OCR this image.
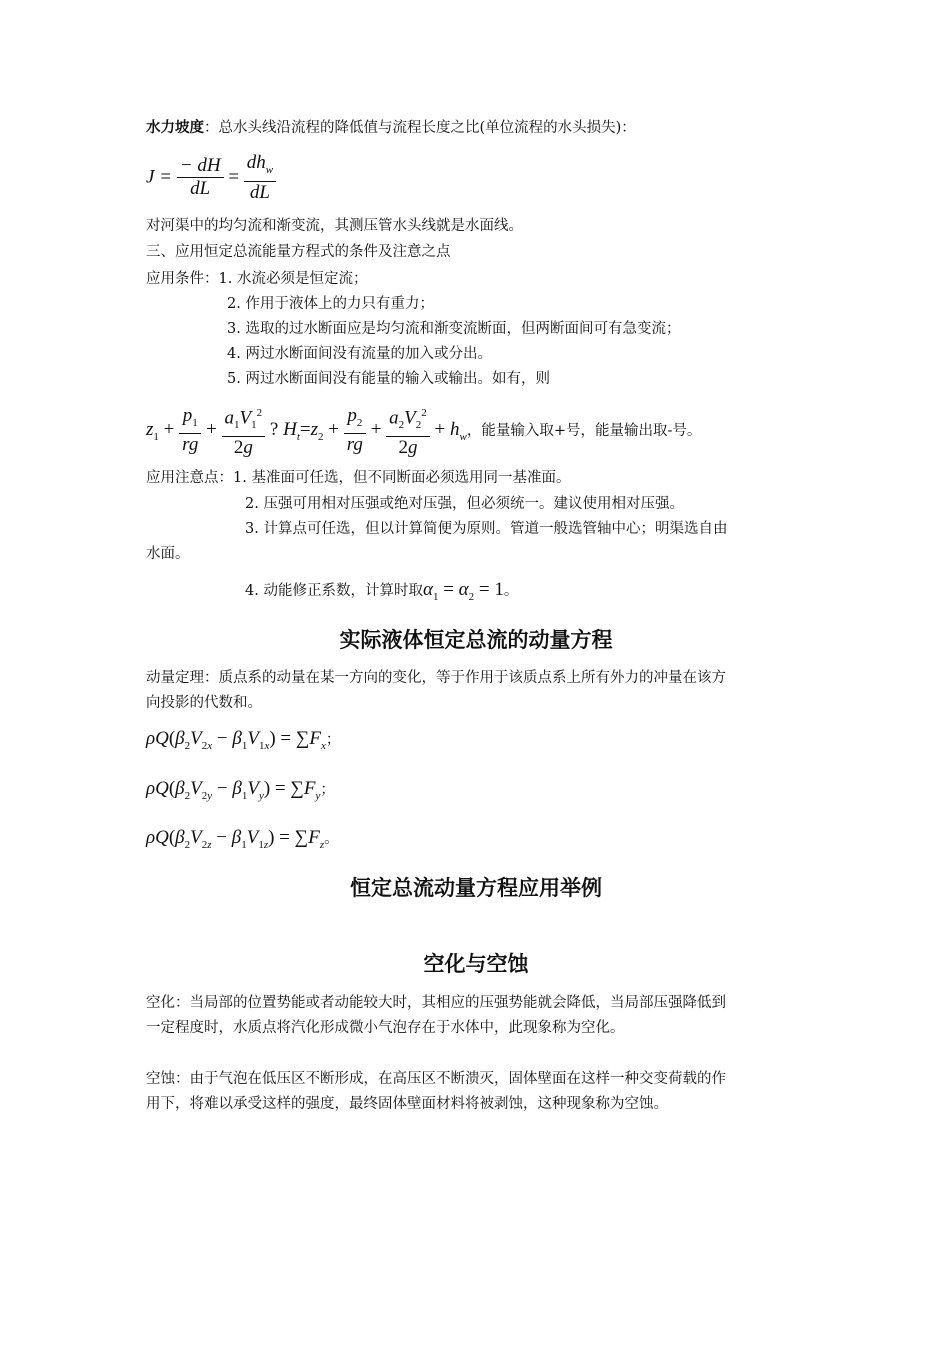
水力坡度：总水头线沿流程的降低值与流程长度之比(单位流程的水头损失)：
$J = \frac{- dH}{dL} = \frac{dh_w}{dL}$
对河渠中的均匀流和渐变流，其测压管水头线就是水面线。
三、应用恒定总流能量方程式的条件及注意之点
应用条件：1. 水流必须是恒定流；
2. 作用于液体上的力只有重力；
3. 选取的过水断面应是均匀流和渐变流断面，但两断面间可有急变流；
4. 两过水断面间没有流量的加入或分出。
5. 两过水断面间没有能量的输入或输出。如有，则
$z_1 + \frac{p_1}{rg} + \frac{a_1V_1^2}{2g}$ ? $H_t=z_2 + \frac{p_2}{rg} + \frac{a_2V_2^2}{2g} + h_w$，能量输入取+号，能量输出取-号。
应用注意点：1. 基准面可任选，但不同断面必须选用同一基准面。
2. 压强可用相对压强或绝对压强，但必须统一。建议使用相对压强。
3. 计算点可任选，但以计算简便为原则。管道一般选管轴中心；明渠选自由
水面。
4. 动能修正系数，计算时取$\alpha_1 = \alpha_2 = 1$。
实际液体恒定总流的动量方程
动量定理：质点系的动量在某一方向的变化，等于作用于该质点系上所有外力的冲量在该方
向投影的代数和。
$\rho Q(\beta_2V_{2x} - \beta_1V_{1x}) = \sum F_x$；
$\rho Q(\beta_2V_{2y} - \beta_1V_y) = \sum F_y$；
$\rho Q(\beta_2V_{2z} - \beta_1V_{1z}) = \sum F_z$。
恒定总流动量方程应用举例
空化与空蚀
空化：当局部的位置势能或者动能较大时，其相应的压强势能就会降低，当局部压强降低到
一定程度时，水质点将汽化形成微小气泡存在于水体中，此现象称为空化。
空蚀：由于气泡在低压区不断形成，在高压区不断溃灭，固体壁面在这样一种交变荷载的作
用下，将难以承受这样的强度，最终固体壁面材料将被剥蚀，这种现象称为空蚀。
